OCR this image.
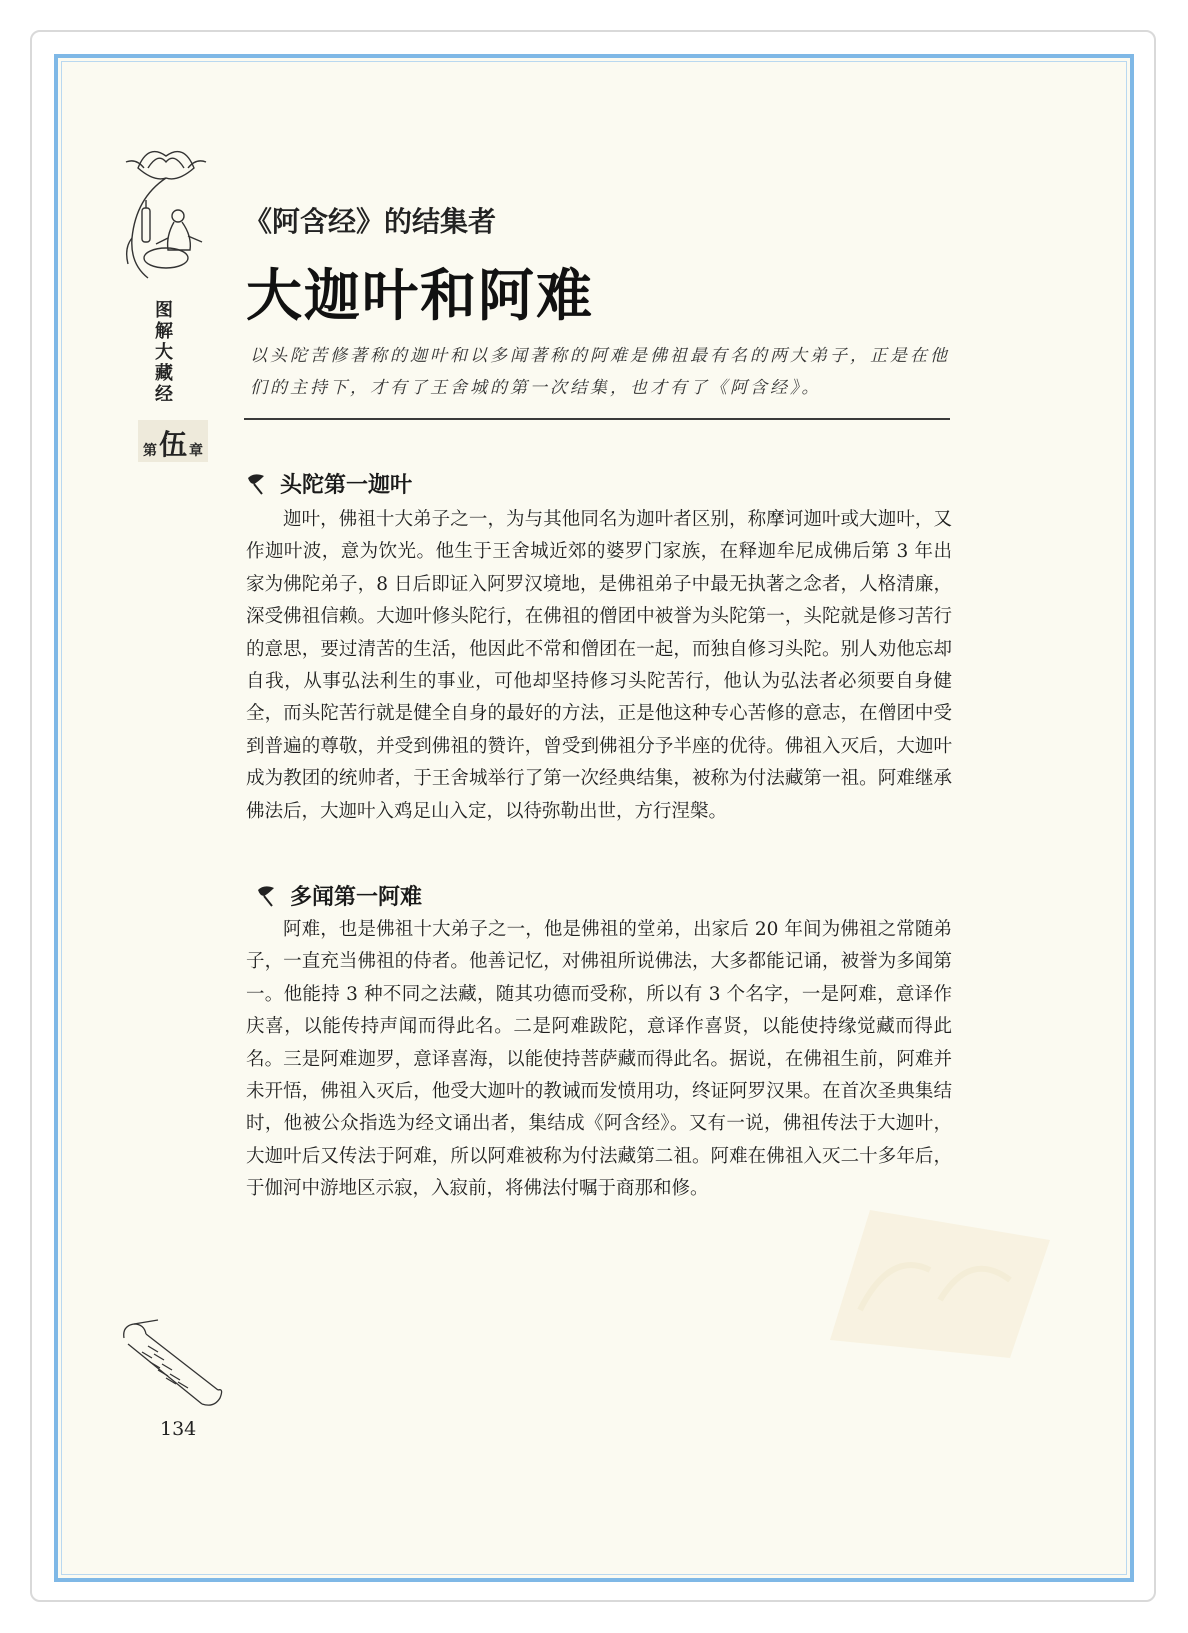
图
解
大
藏
经
第 伍 章
《阿含经》的结集者
大迦叶和阿难

以头陀苦修著称的迦叶和以多闻著称的阿难是佛祖最有名的两大弟子，正是在他们的主持下，才有了王舍城的第一次结集，也才有了《阿含经》。

头陀第一迦叶

迦叶，佛祖十大弟子之一，为与其他同名为迦叶者区别，称摩诃迦叶或大迦叶，又作迦叶波，意为饮光。他生于王舍城近郊的婆罗门家族，在释迦牟尼成佛后第 3 年出家为佛陀弟子，8 日后即证入阿罗汉境地，是佛祖弟子中最无执著之念者，人格清廉，深受佛祖信赖。大迦叶修头陀行，在佛祖的僧团中被誉为头陀第一，头陀就是修习苦行的意思，要过清苦的生活，他因此不常和僧团在一起，而独自修习头陀。别人劝他忘却自我，从事弘法利生的事业，可他却坚持修习头陀苦行，他认为弘法者必须要自身健全，而头陀苦行就是健全自身的最好的方法，正是他这种专心苦修的意志，在僧团中受到普遍的尊敬，并受到佛祖的赞许，曾受到佛祖分予半座的优待。佛祖入灭后，大迦叶成为教团的统帅者，于王舍城举行了第一次经典结集，被称为付法藏第一祖。阿难继承佛法后，大迦叶入鸡足山入定，以待弥勒出世，方行涅槃。

多闻第一阿难

阿难，也是佛祖十大弟子之一，他是佛祖的堂弟，出家后 20 年间为佛祖之常随弟子，一直充当佛祖的侍者。他善记忆，对佛祖所说佛法，大多都能记诵，被誉为多闻第一。他能持 3 种不同之法藏，随其功德而受称，所以有 3 个名字，一是阿难，意译作庆喜，以能传持声闻而得此名。二是阿难跋陀，意译作喜贤，以能使持缘觉藏而得此名。三是阿难迦罗，意译喜海，以能使持菩萨藏而得此名。据说，在佛祖生前，阿难并未开悟，佛祖入灭后，他受大迦叶的教诫而发愤用功，终证阿罗汉果。在首次圣典集结时，他被公众指选为经文诵出者，集结成《阿含经》。又有一说，佛祖传法于大迦叶，大迦叶后又传法于阿难，所以阿难被称为付法藏第二祖。阿难在佛祖入灭二十多年后，于伽河中游地区示寂，入寂前，将佛法付嘱于商那和修。

134
